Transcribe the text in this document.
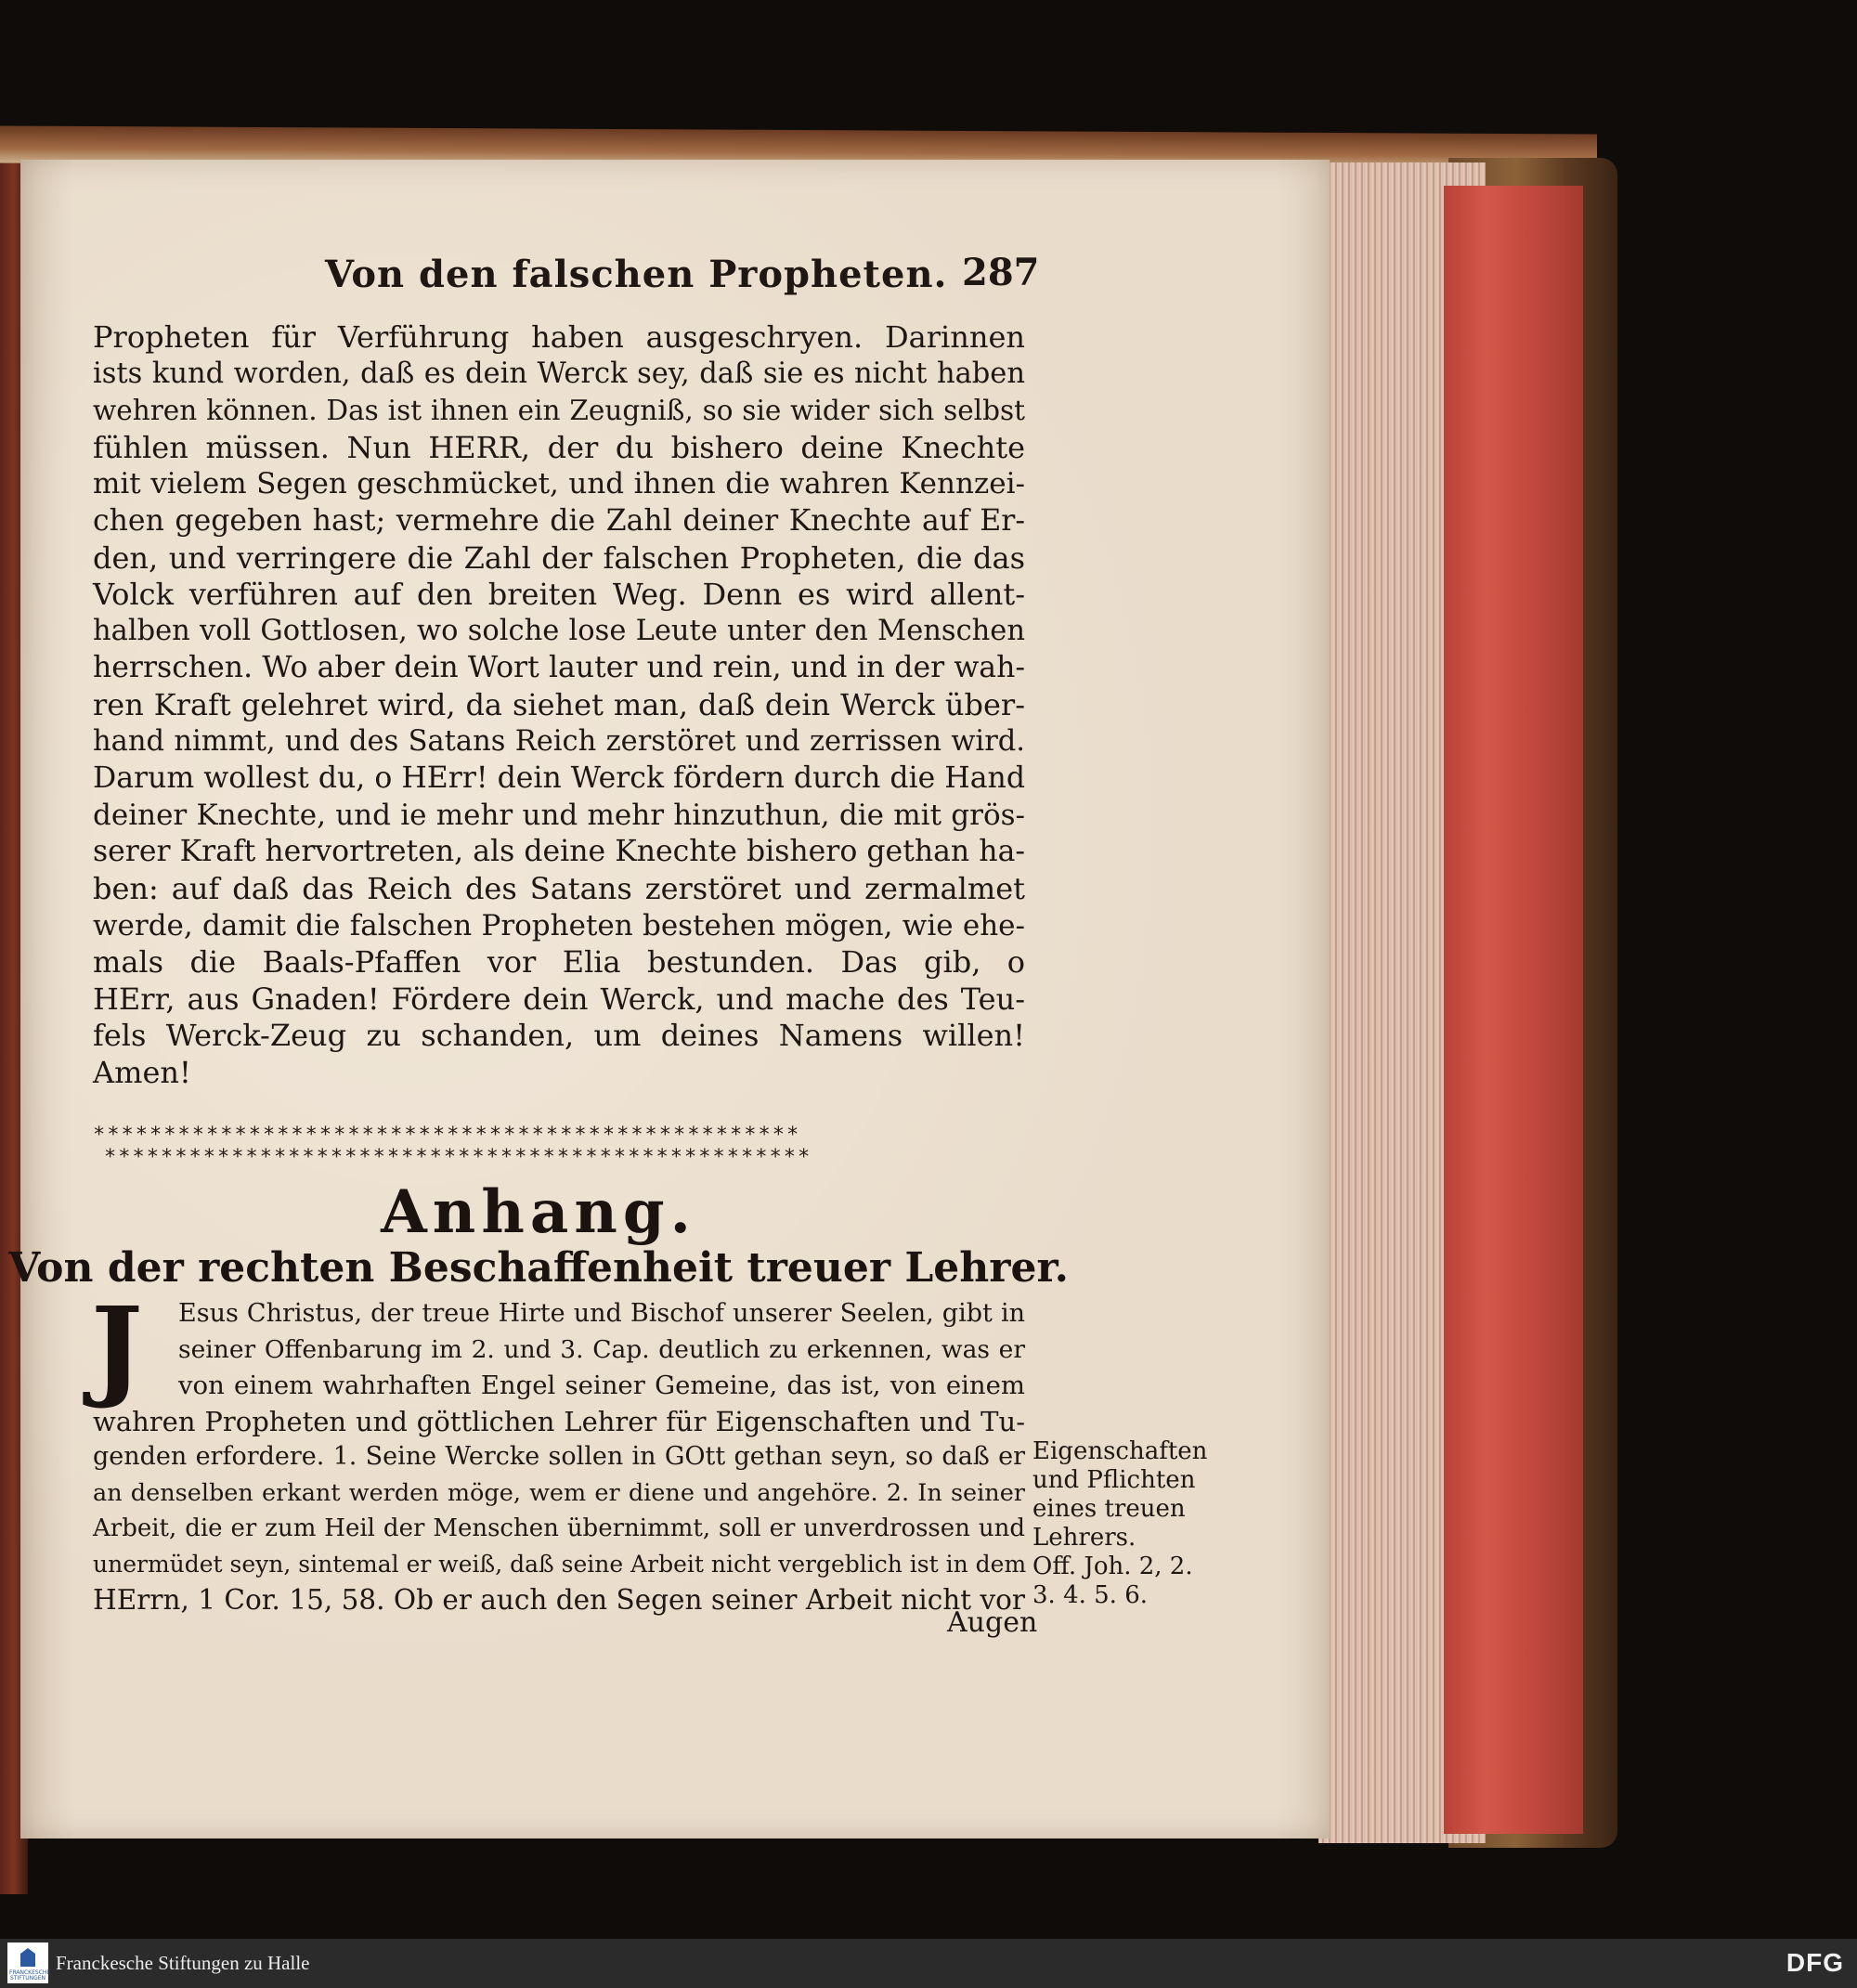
Von den falschen Propheten. 287
Propheten für Verführung haben ausgeschryen. Darinnen
ists kund worden, daß es dein Werck sey, daß sie es nicht haben
wehren können. Das ist ihnen ein Zeugniß, so sie wider sich selbst
fühlen müssen. Nun HERR, der du bishero deine Knechte
mit vielem Segen geschmücket, und ihnen die wahren Kennzei-
chen gegeben hast; vermehre die Zahl deiner Knechte auf Er-
den, und verringere die Zahl der falschen Propheten, die das
Volck verführen auf den breiten Weg. Denn es wird allent-
halben voll Gottlosen, wo solche lose Leute unter den Menschen
herrschen. Wo aber dein Wort lauter und rein, und in der wah-
ren Kraft gelehret wird, da siehet man, daß dein Werck über-
hand nimmt, und des Satans Reich zerstöret und zerrissen wird.
Darum wollest du, o HErr! dein Werck fördern durch die Hand
deiner Knechte, und ie mehr und mehr hinzuthun, die mit grös-
serer Kraft hervortreten, als deine Knechte bishero gethan ha-
ben: auf daß das Reich des Satans zerstöret und zermalmet
werde, damit die falschen Propheten bestehen mögen, wie ehe-
mals die Baals-Pfaffen vor Elia bestunden. Das gib, o
HErr, aus Gnaden! Fördere dein Werck, und mache des Teu-
fels Werck-Zeug zu schanden, um deines Namens willen!
Amen!
**************************************************
**************************************************
Anhang.
Von der rechten Beschaffenheit treuer Lehrer.
J Esus Christus, der treue Hirte und Bischof unserer Seelen, gibt in
seiner Offenbarung im 2. und 3. Cap. deutlich zu erkennen, was er
von einem wahrhaften Engel seiner Gemeine, das ist, von einem
wahren Propheten und göttlichen Lehrer für Eigenschaften und Tu-
genden erfordere. 1. Seine Wercke sollen in GOtt gethan seyn, so daß er
an denselben erkant werden möge, wem er diene und angehöre. 2. In seiner
Arbeit, die er zum Heil der Menschen übernimmt, soll er unverdrossen und
unermüdet seyn, sintemal er weiß, daß seine Arbeit nicht vergeblich ist in dem
HErrn, 1 Cor. 15, 58. Ob er auch den Segen seiner Arbeit nicht vor
Augen
Eigenschaften
und Pflichten
eines treuen
Lehrers.
Off. Joh. 2, 2.
3. 4. 5. 6.
FRANCKESCHE STIFTUNGEN
Franckesche Stiftungen zu Halle	DFG
